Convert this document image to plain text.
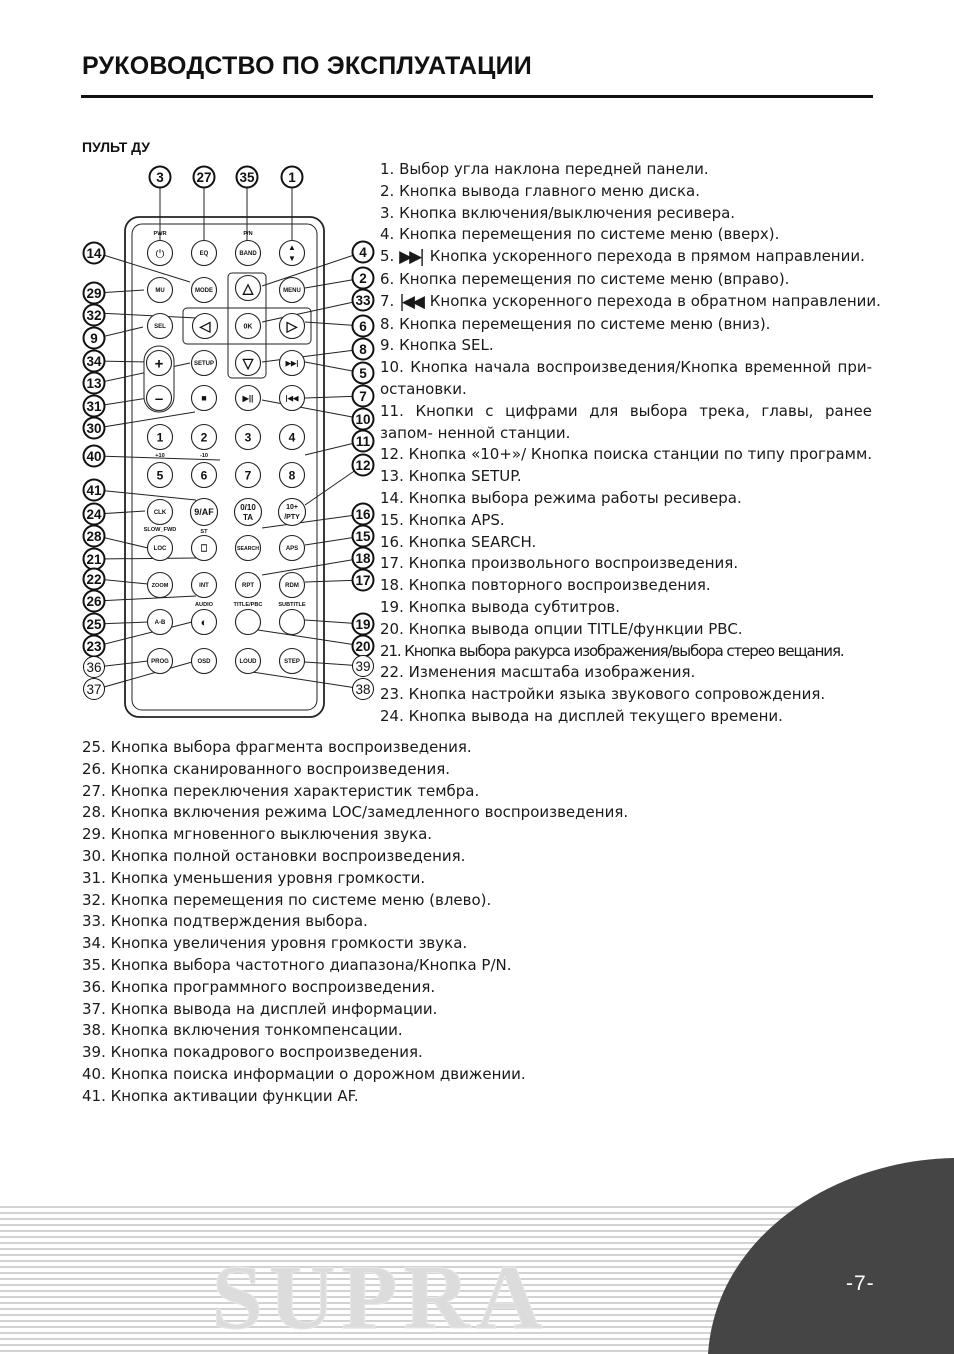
РУКОВОДСТВО ПО ЭКСПЛУАТАЦИИ
ПУЛЬТ ДУ
⏻
PWR
EQ	BAND
P/N
▲
▼
MU	MODE △	MENU
SEL ◁	0K ▷
+	SETUP ▽	▶▶|
–	■	▶||	|◀◀
1	2	3	4
5	6	7	8
+10	-10
CLK	9/AF	0/10
TA
10+
/PTY
SLOW_FWD	ST
LOC	⎕	SEARCH	APS
ZOOM	INT	RPT	RDM
AUDIO	TITLE/PBC	SUBTITLE
A-B	◐
PROG	OSD	LOUD	STEP
3 27 35 1
14	4
2
29	33
32
6
9
8
34
5
13
7
31
10
30
11
40
12
41
16
24
15
28
18
21
17
22
26
19
25
20
23
36	39
37	38
1. Выбор угла наклона передней панели.
2. Кнопка вывода главного меню диска.
3. Кнопка включения/выключения ресивера.
4. Кнопка перемещения по системе меню (вверх).
5. ▶▶| Кнопка ускоренного перехода в прямом направлении.
6. Кнопка перемещения по системе меню (вправо).
7. |◀◀ Кнопка ускоренного перехода в обратном направлении.
8. Кнопка перемещения по системе меню (вниз).
9. Кнопка SEL.
10. Кнопка начала воспроизведения/Кнопка временной при- остановки.
11. Кнопки с цифрами для выбора трека, главы, ранее запом- ненной станции.
12. Кнопка «10+»/ Кнопка поиска станции по типу программ.
13. Кнопка SETUP.
14. Кнопка выбора режима работы ресивера.
15. Кнопка APS.
16. Кнопка SEARCH.
17. Кнопка произвольного воспроизведения.
18. Кнопка повторного воспроизведения.
19. Кнопка вывода субтитров.
20. Кнопка вывода опции TITLE/функции PBC.
21. Кнопка выбора ракурса изображения/выбора стерео вещания.
22. Изменения масштаба изображения.
23. Кнопка настройки языка звукового сопровождения.
24. Кнопка вывода на дисплей текущего времени.
25. Кнопка выбора фрагмента воспроизведения.
26. Кнопка сканированного воспроизведения.
27. Кнопка переключения характеристик тембра.
28. Кнопка включения режима LOC/замедленного воспроизведения.
29. Кнопка мгновенного выключения звука.
30. Кнопка полной остановки воспроизведения.
31. Кнопка уменьшения уровня громкости.
32. Кнопка перемещения по системе меню (влево).
33. Кнопка подтверждения выбора.
34. Кнопка увеличения уровня громкости звука.
35. Кнопка выбора частотного диапазона/Кнопка P/N.
36. Кнопка программного воспроизведения.
37. Кнопка вывода на дисплей информации.
38. Кнопка включения тонкомпенсации.
39. Кнопка покадрового воспроизведения.
40. Кнопка поиска информации о дорожном движении.
41. Кнопка активации функции AF.
SUPRA	-7-
